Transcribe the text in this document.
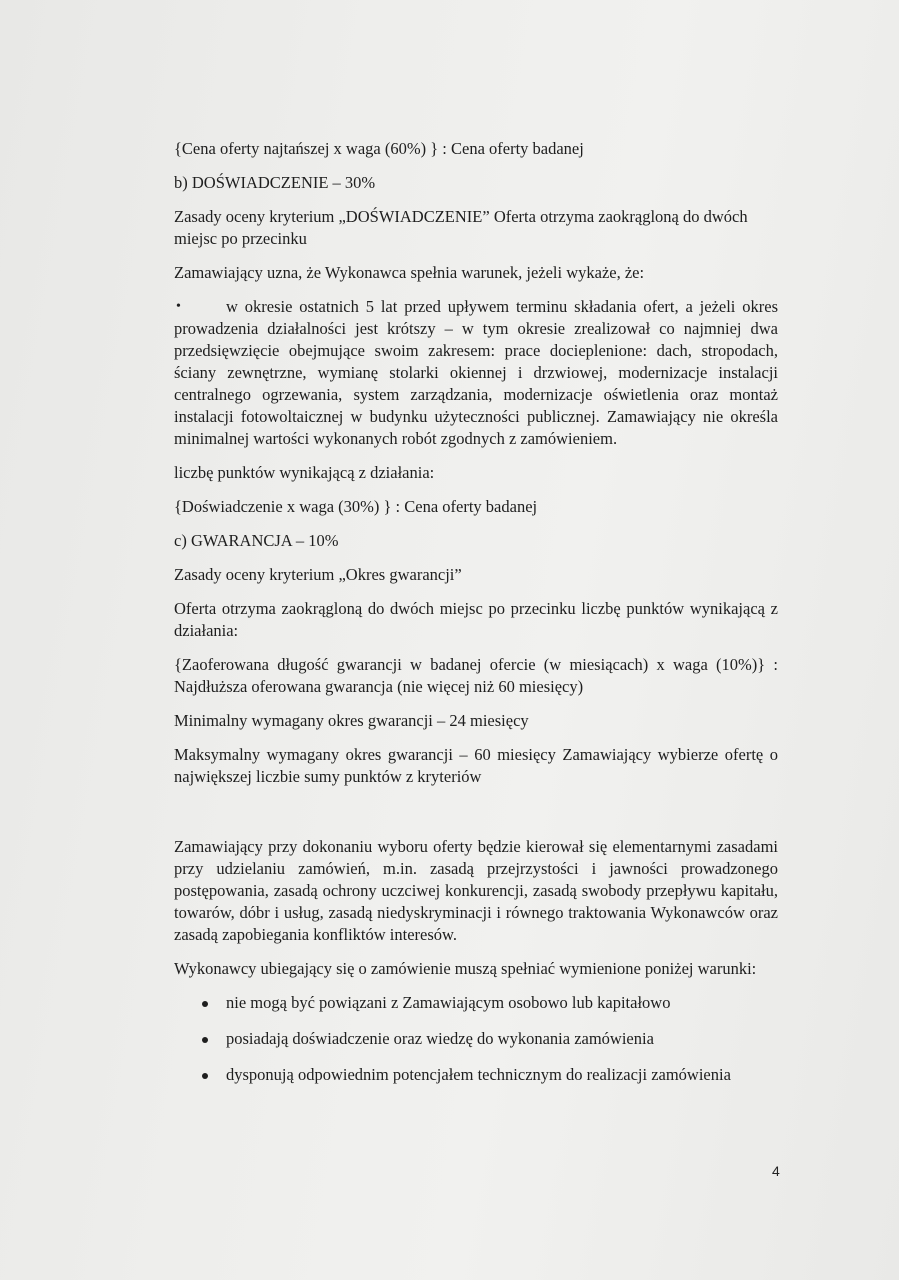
{Cena oferty najtańszej x waga (60%) } : Cena oferty badanej

b) DOŚWIADCZENIE – 30%

Zasady oceny kryterium „DOŚWIADCZENIE” Oferta otrzyma zaokrągloną do dwóch miejsc po przecinku

Zamawiający uzna, że Wykonawca spełnia warunek, jeżeli wykaże, że:

•	w okresie ostatnich 5 lat przed upływem terminu składania ofert, a jeżeli okres prowadzenia działalności jest krótszy – w tym okresie zrealizował co najmniej dwa przedsięwzięcie obejmujące swoim zakresem: prace docieplenione: dach, stropodach, ściany zewnętrzne, wymianę stolarki okiennej i drzwiowej, modernizacje instalacji centralnego ogrzewania, system zarządzania, modernizacje oświetlenia oraz montaż instalacji fotowoltaicznej w budynku użyteczności publicznej. Zamawiający nie określa minimalnej wartości wykonanych robót zgodnych z zamówieniem.

liczbę punktów wynikającą z działania:

{Doświadczenie x waga (30%) } : Cena oferty badanej

c) GWARANCJA – 10%

Zasady oceny kryterium „Okres gwarancji”

Oferta otrzyma zaokrągloną do dwóch miejsc po przecinku liczbę punktów wynikającą z działania:

{Zaoferowana długość gwarancji w badanej ofercie (w miesiącach) x waga (10%)} : Najdłuższa oferowana gwarancja (nie więcej niż 60 miesięcy)

Minimalny wymagany okres gwarancji – 24 miesięcy

Maksymalny wymagany okres gwarancji – 60 miesięcy Zamawiający wybierze ofertę o największej liczbie sumy punktów z kryteriów

Zamawiający przy dokonaniu wyboru oferty będzie kierował się elementarnymi zasadami przy udzielaniu zamówień, m.in. zasadą przejrzystości i jawności prowadzonego postępowania, zasadą ochrony uczciwej konkurencji, zasadą swobody przepływu kapitału, towarów, dóbr i usług, zasadą niedyskryminacji i równego traktowania Wykonawców oraz zasadą zapobiegania konfliktów interesów.

Wykonawcy ubiegający się o zamówienie muszą spełniać wymienione poniżej warunki:

nie mogą być powiązani z Zamawiającym osobowo lub kapitałowo
posiadają doświadczenie oraz wiedzę do wykonania zamówienia
dysponują odpowiednim potencjałem technicznym do realizacji zamówienia
4
